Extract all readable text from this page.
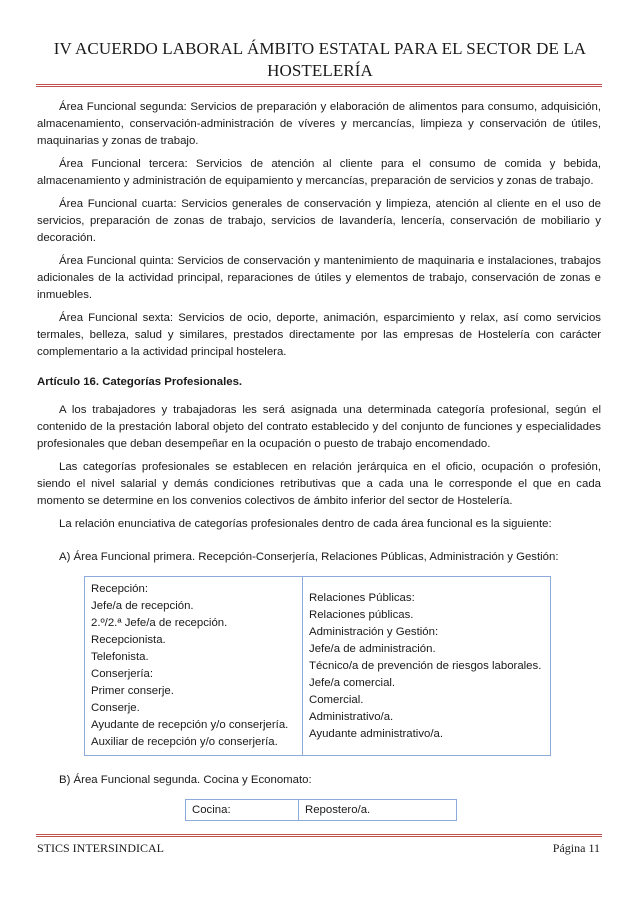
IV ACUERDO LABORAL ÁMBITO ESTATAL PARA EL SECTOR DE LA HOSTELERÍA

Área Funcional segunda: Servicios de preparación y elaboración de alimentos para consumo, adquisición, almacenamiento, conservación-administración de víveres y mercancías, limpieza y conservación de útiles, maquinarias y zonas de trabajo.

Área Funcional tercera: Servicios de atención al cliente para el consumo de comida y bebida, almacenamiento y administración de equipamiento y mercancías, preparación de servicios y zonas de trabajo.

Área Funcional cuarta: Servicios generales de conservación y limpieza, atención al cliente en el uso de servicios, preparación de zonas de trabajo, servicios de lavandería, lencería, conservación de mobiliario y decoración.

Área Funcional quinta: Servicios de conservación y mantenimiento de maquinaria e instalaciones, trabajos adicionales de la actividad principal, reparaciones de útiles y elementos de trabajo, conservación de zonas e inmuebles.

Área Funcional sexta: Servicios de ocio, deporte, animación, esparcimiento y relax, así como servicios termales, belleza, salud y similares, prestados directamente por las empresas de Hostelería con carácter complementario a la actividad principal hostelera.

Artículo 16. Categorías Profesionales.

A los trabajadores y trabajadoras les será asignada una determinada categoría profesional, según el contenido de la prestación laboral objeto del contrato establecido y del conjunto de funciones y especialidades profesionales que deban desempeñar en la ocupación o puesto de trabajo encomendado.

Las categorías profesionales se establecen en relación jerárquica en el oficio, ocupación o profesión, siendo el nivel salarial y demás condiciones retributivas que a cada una le corresponde el que en cada momento se determine en los convenios colectivos de ámbito inferior del sector de Hostelería.

La relación enunciativa de categorías profesionales dentro de cada área funcional es la siguiente:

A) Área Funcional primera. Recepción-Conserjería, Relaciones Públicas, Administración y Gestión:
Recepción:
Jefe/a de recepción.
2.º/2.ª Jefe/a de recepción.
Recepcionista.
Telefonista.
Conserjería:
Primer conserje.
Conserje.
Ayudante de recepción y/o conserjería.
Auxiliar de recepción y/o conserjería.

Relaciones Públicas:
Relaciones públicas.
Administración y Gestión:
Jefe/a de administración.
Técnico/a de prevención de riesgos laborales.
Jefe/a comercial.
Comercial.
Administrativo/a.
Ayudante administrativo/a.
B) Área Funcional segunda. Cocina y Economato:
Cocina:	Repostero/a.
STICS INTERSINDICAL	Página 11
